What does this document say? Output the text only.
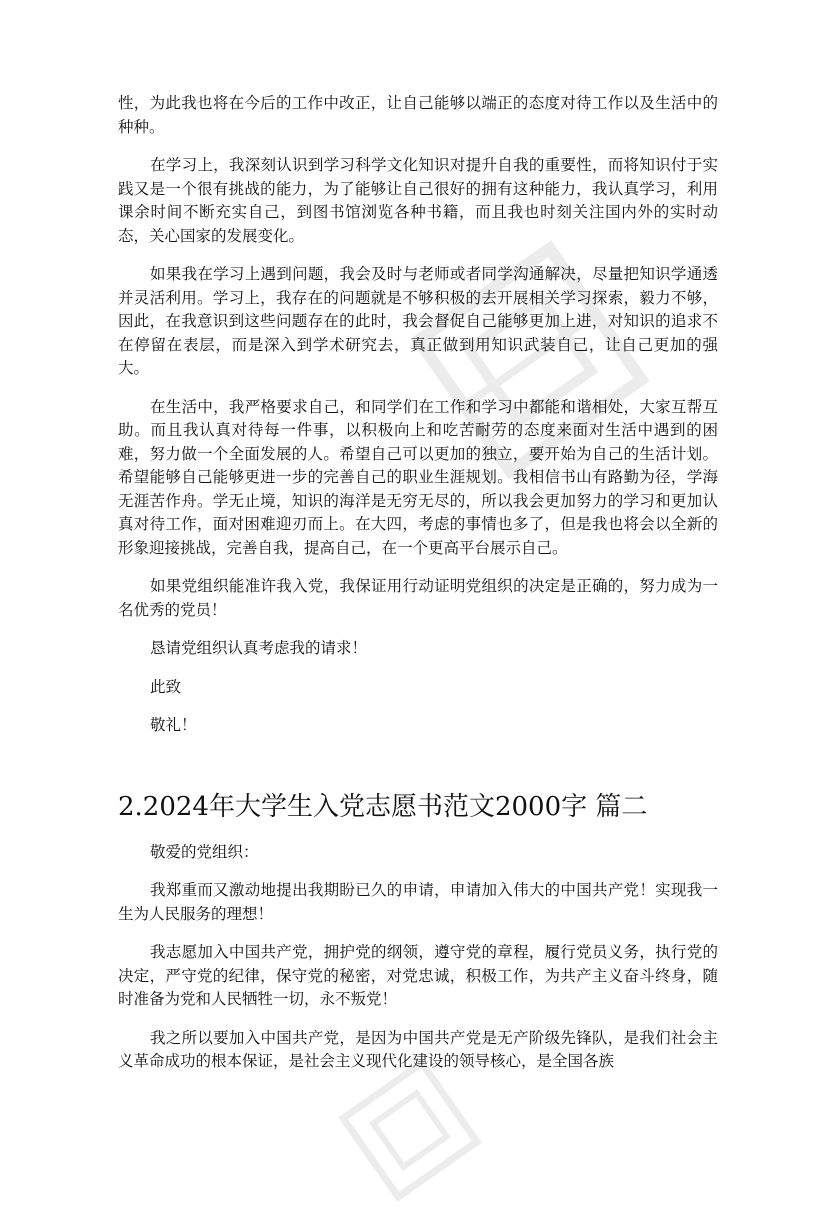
性，为此我也将在今后的工作中改正，让自己能够以端正的态度对待工作以及生活中的种种。

在学习上，我深刻认识到学习科学文化知识对提升自我的重要性，而将知识付于实践又是一个很有挑战的能力，为了能够让自己很好的拥有这种能力，我认真学习，利用课余时间不断充实自己，到图书馆浏览各种书籍，而且我也时刻关注国内外的实时动态，关心国家的发展变化。

如果我在学习上遇到问题，我会及时与老师或者同学沟通解决，尽量把知识学通透并灵活利用。学习上，我存在的问题就是不够积极的去开展相关学习探索，毅力不够，因此，在我意识到这些问题存在的此时，我会督促自己能够更加上进，对知识的追求不在停留在表层，而是深入到学术研究去，真正做到用知识武装自己，让自己更加的强大。

在生活中，我严格要求自己，和同学们在工作和学习中都能和谐相处，大家互帮互助。而且我认真对待每一件事，以积极向上和吃苦耐劳的态度来面对生活中遇到的困难，努力做一个全面发展的人。希望自己可以更加的独立，要开始为自己的生活计划。希望能够自己能够更进一步的完善自己的职业生涯规划。我相信书山有路勤为径，学海无涯苦作舟。学无止境，知识的海洋是无穷无尽的，所以我会更加努力的学习和更加认真对待工作，面对困难迎刃而上。在大四，考虑的事情也多了，但是我也将会以全新的形象迎接挑战，完善自我，提高自己，在一个更高平台展示自己。

如果党组织能准许我入党，我保证用行动证明党组织的决定是正确的，努力成为一名优秀的党员！

恳请党组织认真考虑我的请求！

此致

敬礼！

2.2024年大学生入党志愿书范文2000字 篇二

敬爱的党组织：

我郑重而又激动地提出我期盼已久的申请，申请加入伟大的中国共产党！实现我一生为人民服务的理想！

我志愿加入中国共产党，拥护党的纲领，遵守党的章程，履行党员义务，执行党的决定，严守党的纪律，保守党的秘密，对党忠诚，积极工作，为共产主义奋斗终身，随时准备为党和人民牺牲一切，永不叛党！

我之所以要加入中国共产党，是因为中国共产党是无产阶级先锋队，是我们社会主义革命成功的根本保证，是社会主义现代化建设的领导核心，是全国各族
